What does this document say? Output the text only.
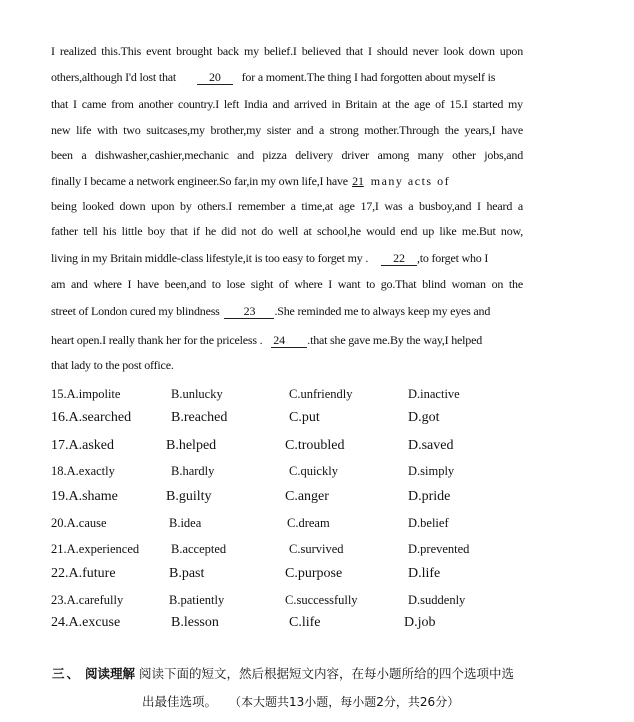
I realized this.This event brought back my belief.I believed that I should never look down upon
others,although I'd lost that	20 for a moment.The thing I had forgotten about myself is
that I came from another country.I left India and arrived in Britain at the age of 15.I started my
new life with two suitcases,my brother,my sister and a strong mother.Through the years,I have
been a dishwasher,cashier,mechanic and pizza delivery driver among many other jobs,and
finally I became a network engineer.So far,in my own life,I have 21 many acts of
being looked down upon by others.I remember a time,at age 17,I was a busboy,and I heard a
father tell his little boy that if he did not do well at school,he would end up like me.But now,
living in my Britain middle-class lifestyle,it is too easy to forget my . 22 ,to forget who I
am and where I have been,and to lose sight of where I want to go.That blind woman on the
street of London cured my blindness 23 .She reminded me to always keep my eyes and
heart open.I really thank her for the priceless . 24 .that she gave me.By the way,I helped
that lady to the post office.
15.A.impolite	B.unlucky	C.unfriendly	D.inactive
16.A.searched	B.reached	C.put	D.got
17.A.asked	B.helped	C.troubled	D.saved
18.A.exactly	B.hardly	C.quickly	D.simply
19.A.shame	B.guilty	C.anger	D.pride
20.A.cause	B.idea	C.dream	D.belief
21.A.experienced	B.accepted	C.survived	D.prevented
22.A.future	B.past	C.purpose	D.life
23.A.carefully	B.patiently	C.successfully	D.suddenly
24.A.excuse	B.lesson	C.life	D.job
三、 阅读理解 阅读下面的短文，然后根据短文内容，在每小题所给的四个选项中选
出最佳选项。 （本大题共13小题，每小题2分，共26分）
